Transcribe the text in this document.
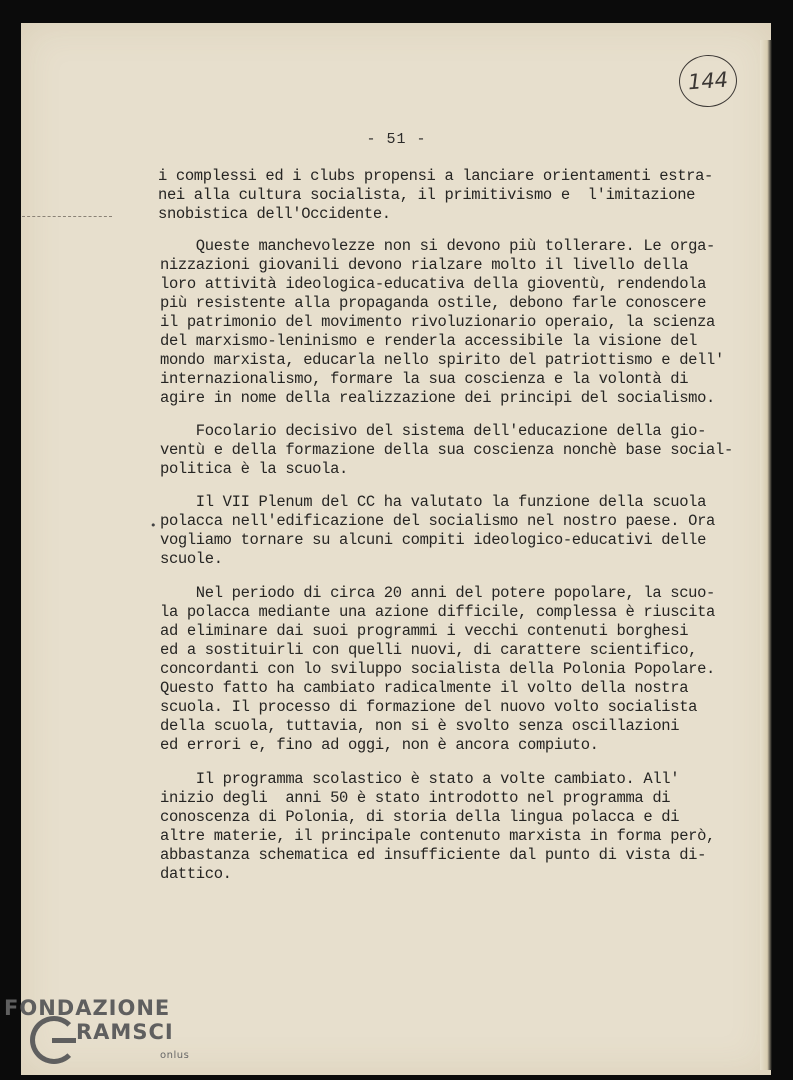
144
- 51 -
•
i complessi ed i clubs propensi a lanciare orientamenti estra-
nei alla cultura socialista, il primitivismo e  l'imitazione
snobistica dell'Occidente.
Queste manchevolezze non si devono più tollerare. Le orga-
nizzazioni giovanili devono rialzare molto il livello della
loro attività ideologica-educativa della gioventù, rendendola
più resistente alla propaganda ostile, debono farle conoscere
il patrimonio del movimento rivoluzionario operaio, la scienza
del marxismo-leninismo e renderla accessibile la visione del
mondo marxista, educarla nello spirito del patriottismo e dell'
internazionalismo, formare la sua coscienza e la volontà di
agire in nome della realizzazione dei principi del socialismo.
Focolario decisivo del sistema dell'educazione della gio-
ventù e della formazione della sua coscienza nonchè base social-
politica è la scuola.
Il VII Plenum del CC ha valutato la funzione della scuola
polacca nell'edificazione del socialismo nel nostro paese. Ora
vogliamo tornare su alcuni compiti ideologico-educativi delle
scuole.
Nel periodo di circa 20 anni del potere popolare, la scuo-
la polacca mediante una azione difficile, complessa è riuscita
ad eliminare dai suoi programmi i vecchi contenuti borghesi
ed a sostituirli con quelli nuovi, di carattere scientifico,
concordanti con lo sviluppo socialista della Polonia Popolare.
Questo fatto ha cambiato radicalmente il volto della nostra
scuola. Il processo di formazione del nuovo volto socialista
della scuola, tuttavia, non si è svolto senza oscillazioni
ed errori e, fino ad oggi, non è ancora compiuto.
Il programma scolastico è stato a volte cambiato. All'
inizio degli  anni 50 è stato introdotto nel programma di
conoscenza di Polonia, di storia della lingua polacca e di
altre materie, il principale contenuto marxista in forma però,
abbastanza schematica ed insufficiente dal punto di vista di-
dattico.
FONDAZIONE
RAMSCI
onlus
